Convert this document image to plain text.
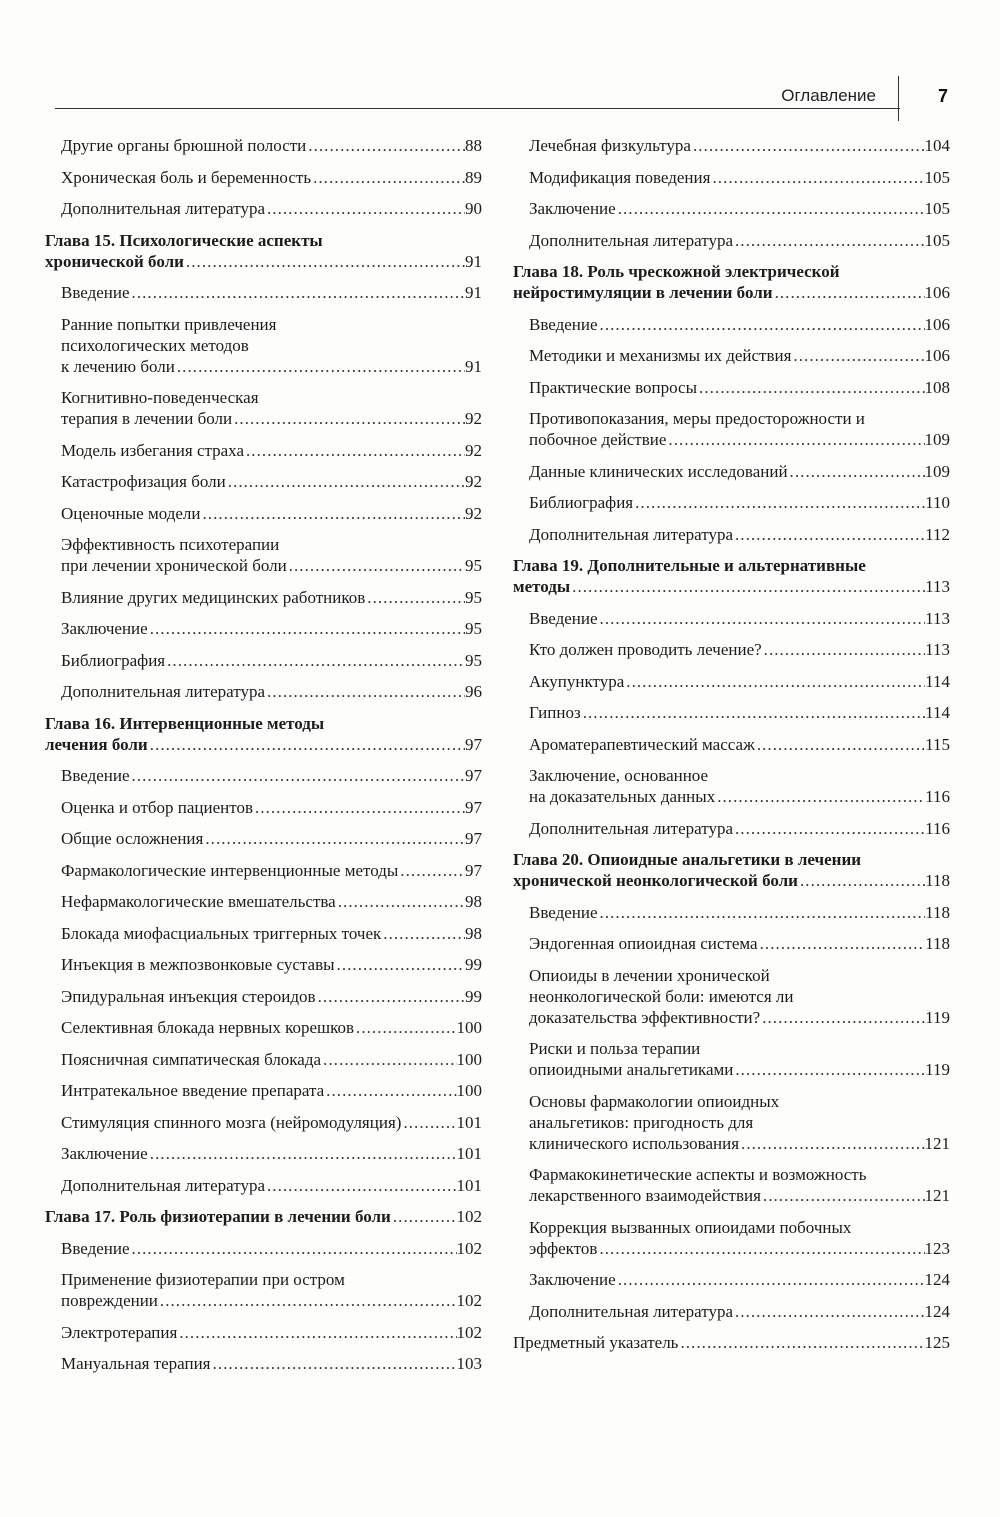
Оглавление	7
Другие органы брюшной полости . . .	88
Хроническая боль и беременность . . .	89
Дополнительная литература . . .	90
Глава 15. Психологические аспекты
хронической боли . . .	91
Введение . . .	91
Ранние попытки привлечения
психологических методов
к лечению боли . . .	91
Когнитивно-поведенческая
терапия в лечении боли . . .	92
Модель избегания страха . . .	92
Катастрофизация боли . . .	92
Оценочные модели . . .	92
Эффективность психотерапии
при лечении хронической боли . . .	95
Влияние других медицинских работников . . .	95
Заключение . . .	95
Библиография . . .	95
Дополнительная литература . . .	96
Глава 16. Интервенционные методы
лечения боли . . .	97
Введение . . .	97
Оценка и отбор пациентов . . .	97
Общие осложнения . . .	97
Фармакологические интервенционные методы . . .	97
Нефармакологические вмешательства . . .	98
Блокада миофасциальных триггерных точек . . .	98
Инъекция в межпозвонковые суставы . . .	99
Эпидуральная инъекция стероидов . . .	99
Селективная блокада нервных корешков . . .	100
Поясничная симпатическая блокада . . .	100
Интратекальное введение препарата . . .	100
Стимуляция спинного мозга (нейромодуляция) . . .	101
Заключение . . .	101
Дополнительная литература . . .	101
Глава 17. Роль физиотерапии в лечении боли . . .	102
Введение . . .	102
Применение физиотерапии при остром
повреждении . . .	102
Электротерапия . . .	102
Мануальная терапия . . .	103
Лечебная физкультура . . .	104
Модификация поведения . . .	105
Заключение . . .	105
Дополнительная литература . . .	105
Глава 18. Роль чрескожной электрической
нейростимуляции в лечении боли . . .	106
Введение . . .	106
Методики и механизмы их действия . . .	106
Практические вопросы . . .	108
Противопоказания, меры предосторожности и
побочное действие . . .	109
Данные клинических исследований . . .	109
Библиография . . .	110
Дополнительная литература . . .	112
Глава 19. Дополнительные и альтернативные
методы . . .	113
Введение . . .	113
Кто должен проводить лечение? . . .	113
Акупунктура . . .	114
Гипноз . . .	114
Ароматерапевтический массаж . . .	115
Заключение, основанное
на доказательных данных . . .	116
Дополнительная литература . . .	116
Глава 20. Опиоидные анальгетики в лечении
хронической неонкологической боли . . .	118
Введение . . .	118
Эндогенная опиоидная система . . .	118
Опиоиды в лечении хронической
неонкологической боли: имеются ли
доказательства эффективности? . . .	119
Риски и польза терапии
опиоидными анальгетиками . . .	119
Основы фармакологии опиоидных
анальгетиков: пригодность для
клинического использования . . .	121
Фармакокинетические аспекты и возможность
лекарственного взаимодействия . . .	121
Коррекция вызванных опиоидами побочных
эффектов . . .	123
Заключение . . .	124
Дополнительная литература . . .	124
Предметный указатель . . .	125
